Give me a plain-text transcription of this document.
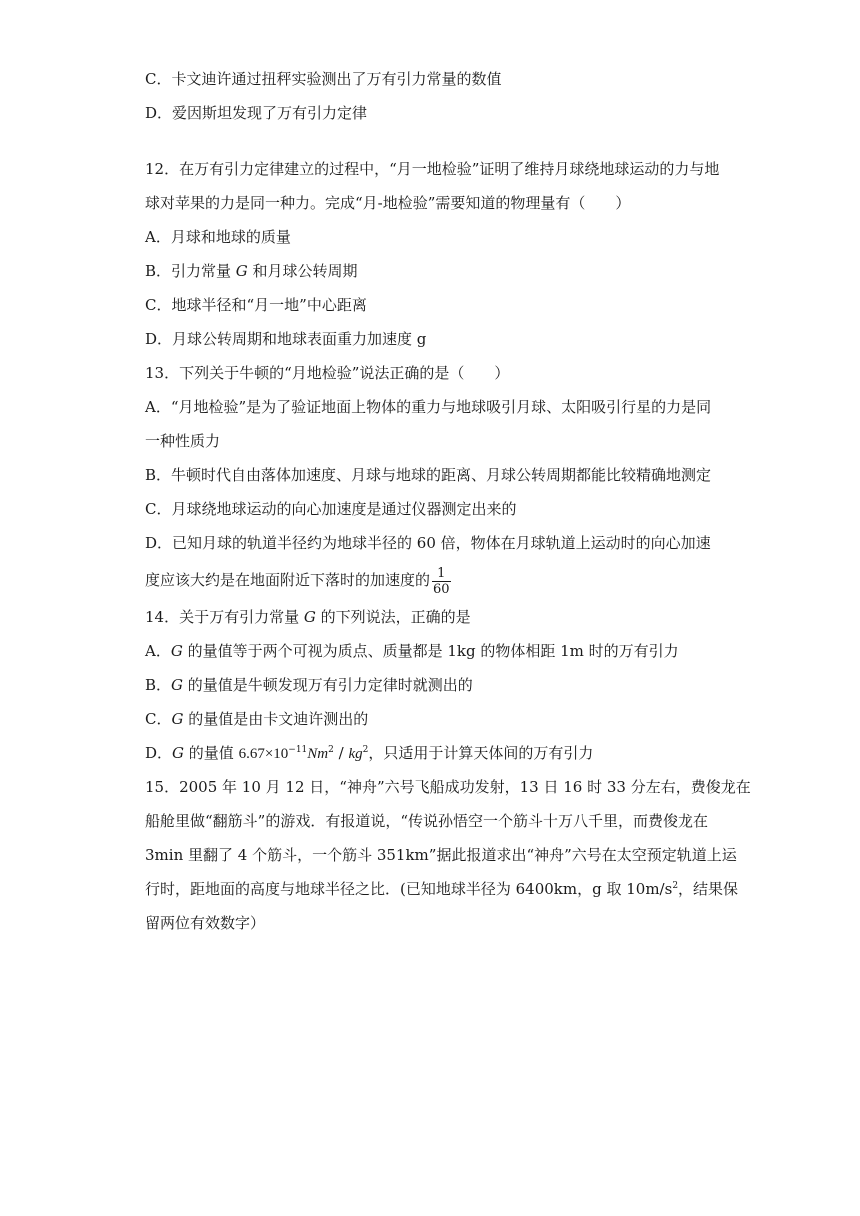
C．卡文迪许通过扭秤实验测出了万有引力常量的数值
D．爱因斯坦发现了万有引力定律
12．在万有引力定律建立的过程中，“月一地检验”证明了维持月球绕地球运动的力与地
球对苹果的力是同一种力。完成“月-地检验”需要知道的物理量有（　　）
A．月球和地球的质量
B．引力常量 G 和月球公转周期
C．地球半径和“月一地”中心距离
D．月球公转周期和地球表面重力加速度 g
13．下列关于牛顿的“月地检验”说法正确的是（　　）
A．“月地检验”是为了验证地面上物体的重力与地球吸引月球、太阳吸引行星的力是同
一种性质力
B．牛顿时代自由落体加速度、月球与地球的距离、月球公转周期都能比较精确地测定
C．月球绕地球运动的向心加速度是通过仪器测定出来的
D．已知月球的轨道半径约为地球半径的 60 倍，物体在月球轨道上运动时的向心加速
度应该大约是在地面附近下落时的加速度的 $\frac{1}{60}$
14．关于万有引力常量 G 的下列说法，正确的是
A．G 的量值等于两个可视为质点、质量都是 1kg 的物体相距 1m 时的万有引力
B．G 的量值是牛顿发现万有引力定律时就测出的
C．G 的量值是由卡文迪许测出的
D．G 的量值 $6.67\times 10^{-11}Nm^2 / kg^2$，只适用于计算天体间的万有引力
15．2005 年 10 月 12 日，“神舟”六号飞船成功发射，13 日 16 时 33 分左右，费俊龙在
船舱里做“翻筋斗”的游戏．有报道说，“传说孙悟空一个筋斗十万八千里，而费俊龙在
3min 里翻了 4 个筋斗，一个筋斗 351km”据此报道求出“神舟”六号在太空预定轨道上运
行时，距地面的高度与地球半径之比．(已知地球半径为 6400km，g 取 $10m/s^2$，结果保
留两位有效数字）
